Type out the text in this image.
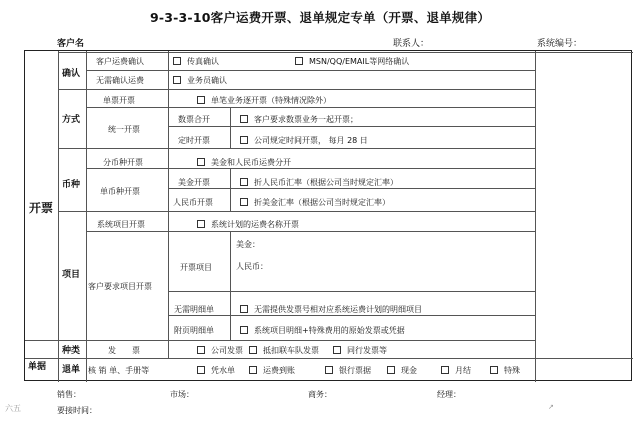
9-3-3-10客户运费开票、退单规定专单（开票、退单规律）
客户名	联系人：	系统编号：
开票
单据
确认
客户运费确认	传真确认	MSN/QQ/EMAIL等网络确认
无需确认运费	业务员确认
方式
单票开票	单笔业务逐开票（特殊情况除外）
统一开票
数票合开	客户要求数票业务一起开票；
定时开票	公司规定时间开票， 每月 28 日
币种
分币种开票	美金和人民币运费分开
单币种开票
美金开票	折人民币汇率（根据公司当时规定汇率）
人民币开票	折美金汇率（根据公司当时规定汇率）
项目
系统项目开票	系统计划的运费名称开票
客户要求项目开票
开票项目
美金：
人民币：
无需明细单	无需提供发票号相对应系统运费计划的明细项目
附页明细单	系统项目明细+特殊费用的原始发票或凭据
种类	发　　票	公司发票	抵扣联车队发票	同行发票等
退单 核 销 单、手册等	凭水单	运费到账	银行票据	现金	月结	特殊
销售：	市场：	商务：	经理：
要接时间：
六五	↗
